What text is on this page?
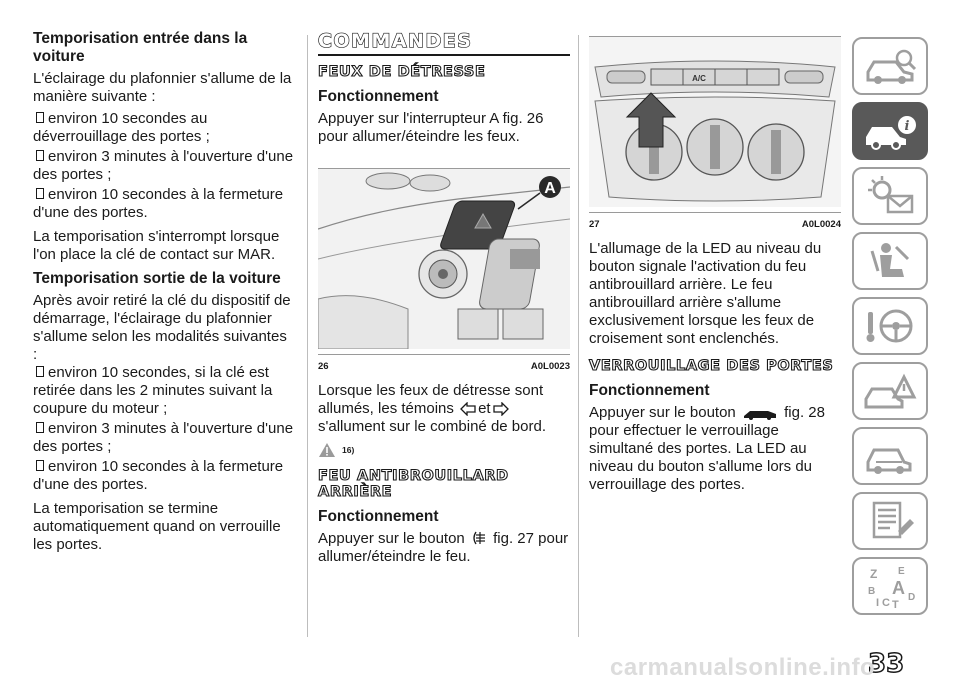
Temporisation entrée dans la voiture

L'éclairage du plafonnier s'allume de la manière suivante :

environ 10 secondes au
déverrouillage des portes ;
environ 3 minutes à l'ouverture d'une
des portes ;
environ 10 secondes à la fermeture
d'une des portes.

La temporisation s'interrompt lorsque l'on place la clé de contact sur MAR.

Temporisation sortie de la voiture

Après avoir retiré la clé du dispositif de démarrage, l'éclairage du plafonnier s'allume selon les modalités suivantes :

environ 10 secondes, si la clé est
retirée dans les 2 minutes suivant la coupure du moteur ;
environ 3 minutes à l'ouverture d'une
des portes ;
environ 10 secondes à la fermeture
d'une des portes.

La temporisation se termine automatiquement quand on verrouille les portes.

COMMANDES
FEUX DE DÉTRESSE
Fonctionnement

Appuyer sur l'interrupteur A fig. 26 pour allumer/éteindre les feux.

A
26	A0L0023

Lorsque les feux de détresse sont allumés, les témoins ets'allument sur le combiné de bord.

16)
FEU ANTIBROUILLARD ARRIÈRE
Fonctionnement

Appuyer sur le bouton fig. 27 pour allumer/éteindre le feu.

A/C
27	A0L0024

L'allumage de la LED au niveau du bouton signale l'activation du feu antibrouillard arrière. Le feu antibrouillard arrière s'allume exclusivement lorsque les feux de croisement sont enclenchés.

VERROUILLAGE DES PORTES
Fonctionnement

Appuyer sur le bouton	fig. 28 pour effectuer le verrouillage simultané des portes. La LED au niveau du bouton s'allume lors du verrouillage des portes.

i
Z E
B A D
I C T
33
carmanualsonline.info
